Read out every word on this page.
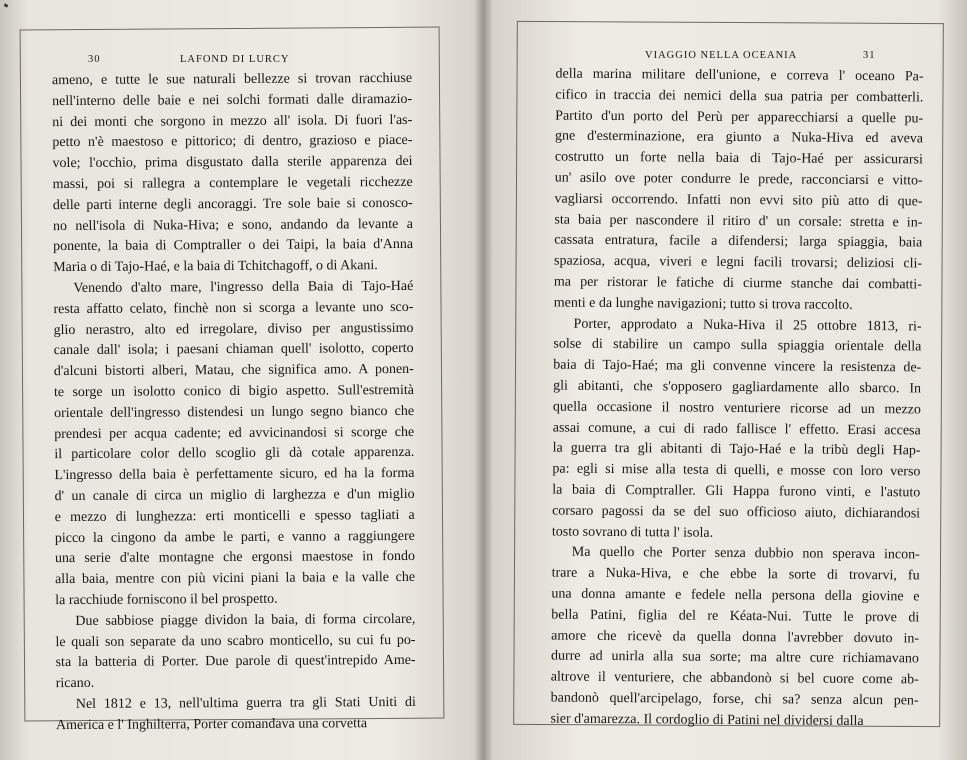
30	LAFOND DI LURCY
ameno, e tutte le sue naturali bellezze si trovan racchiuse
nell'interno delle baie e nei solchi formati dalle diramazio-
ni dei monti che sorgono in mezzo all' isola. Di fuori l'as-
petto n'è maestoso e pittorico; di dentro, grazioso e piace-
vole; l'occhio, prima disgustato dalla sterile apparenza dei
massi, poi si rallegra a contemplare le vegetali ricchezze
delle parti interne degli ancoraggi. Tre sole baie si conosco-
no nell'isola di Nuka-Hiva; e sono, andando da levante a
ponente, la baia di Comptraller o dei Taipi, la baia d'Anna
Maria o di Tajo-Haé, e la baia di Tchitchagoff, o di Akani.
Venendo d'alto mare, l'ingresso della Baia di Tajo-Haé
resta affatto celato, finchè non si scorga a levante uno sco-
glio nerastro, alto ed irregolare, diviso per angustissimo
canale dall' isola; i paesani chiaman quell' isolotto, coperto
d'alcuni bistorti alberi, Matau, che significa amo. A ponen-
te sorge un isolotto conico di bigio aspetto. Sull'estremità
orientale dell'ingresso distendesi un lungo segno bianco che
prendesi per acqua cadente; ed avvicinandosi si scorge che
il particolare color dello scoglio gli dà cotale apparenza.
L'ingresso della baia è perfettamente sicuro, ed ha la forma
d' un canale di circa un miglio di larghezza e d'un miglio
e mezzo di lunghezza: erti monticelli e spesso tagliati a
picco la cingono da ambe le parti, e vanno a raggiungere
una serie d'alte montagne che ergonsi maestose in fondo
alla baia, mentre con più vicini piani la baia e la valle che
la racchiude forniscono il bel prospetto.
Due sabbiose piagge dividon la baia, di forma circolare,
le quali son separate da uno scabro monticello, su cui fu po-
sta la batteria di Porter. Due parole di quest'intrepido Ame-
ricano.
Nel 1812 e 13, nell'ultima guerra tra gli Stati Uniti di
America e l' Inghilterra, Porter comandava una corvetta
VIAGGIO NELLA OCEANIA	31
della marina militare dell'unione, e correva l' oceano Pa-
cifico in traccia dei nemici della sua patria per combatterli.
Partito d'un porto del Perù per apparecchiarsi a quelle pu-
gne d'esterminazione, era giunto a Nuka-Hiva ed aveva
costrutto un forte nella baia di Tajo-Haé per assicurarsi
un' asilo ove poter condurre le prede, racconciarsi e vitto-
vagliarsi occorrendo. Infatti non evvi sito più atto di que-
sta baia per nascondere il ritiro d' un corsale: stretta e in-
cassata entratura, facile a difendersi; larga spiaggia, baia
spaziosa, acqua, viveri e legni facili trovarsi; deliziosi cli-
ma per ristorar le fatiche di ciurme stanche dai combatti-
menti e da lunghe navigazioni; tutto si trova raccolto.
Porter, approdato a Nuka-Hiva il 25 ottobre 1813, ri-
solse di stabilire un campo sulla spiaggia orientale della
baia di Tajo-Haé; ma gli convenne vincere la resistenza de-
gli abitanti, che s'opposero gagliardamente allo sbarco. In
quella occasione il nostro venturiere ricorse ad un mezzo
assai comune, a cui di rado fallisce l' effetto. Erasi accesa
la guerra tra gli abitanti di Tajo-Haé e la tribù degli Hap-
pa: egli si mise alla testa di quelli, e mosse con loro verso
la baia di Comptraller. Gli Happa furono vinti, e l'astuto
corsaro pagossi da se del suo officioso aiuto, dichiarandosi
tosto sovrano di tutta l' isola.
Ma quello che Porter senza dubbio non sperava incon-
trare a Nuka-Hiva, e che ebbe la sorte di trovarvi, fu
una donna amante e fedele nella persona della giovine e
bella Patini, figlia del re Kéata-Nui. Tutte le prove di
amore che ricevè da quella donna l'avrebber dovuto in-
durre ad unirla alla sua sorte; ma altre cure richiamavano
altrove il venturiere, che abbandonò si bel cuore come ab-
bandonò quell'arcipelago, forse, chi sa? senza alcun pen-
sier d'amarezza. Il cordoglio di Patini nel dividersi dalla
